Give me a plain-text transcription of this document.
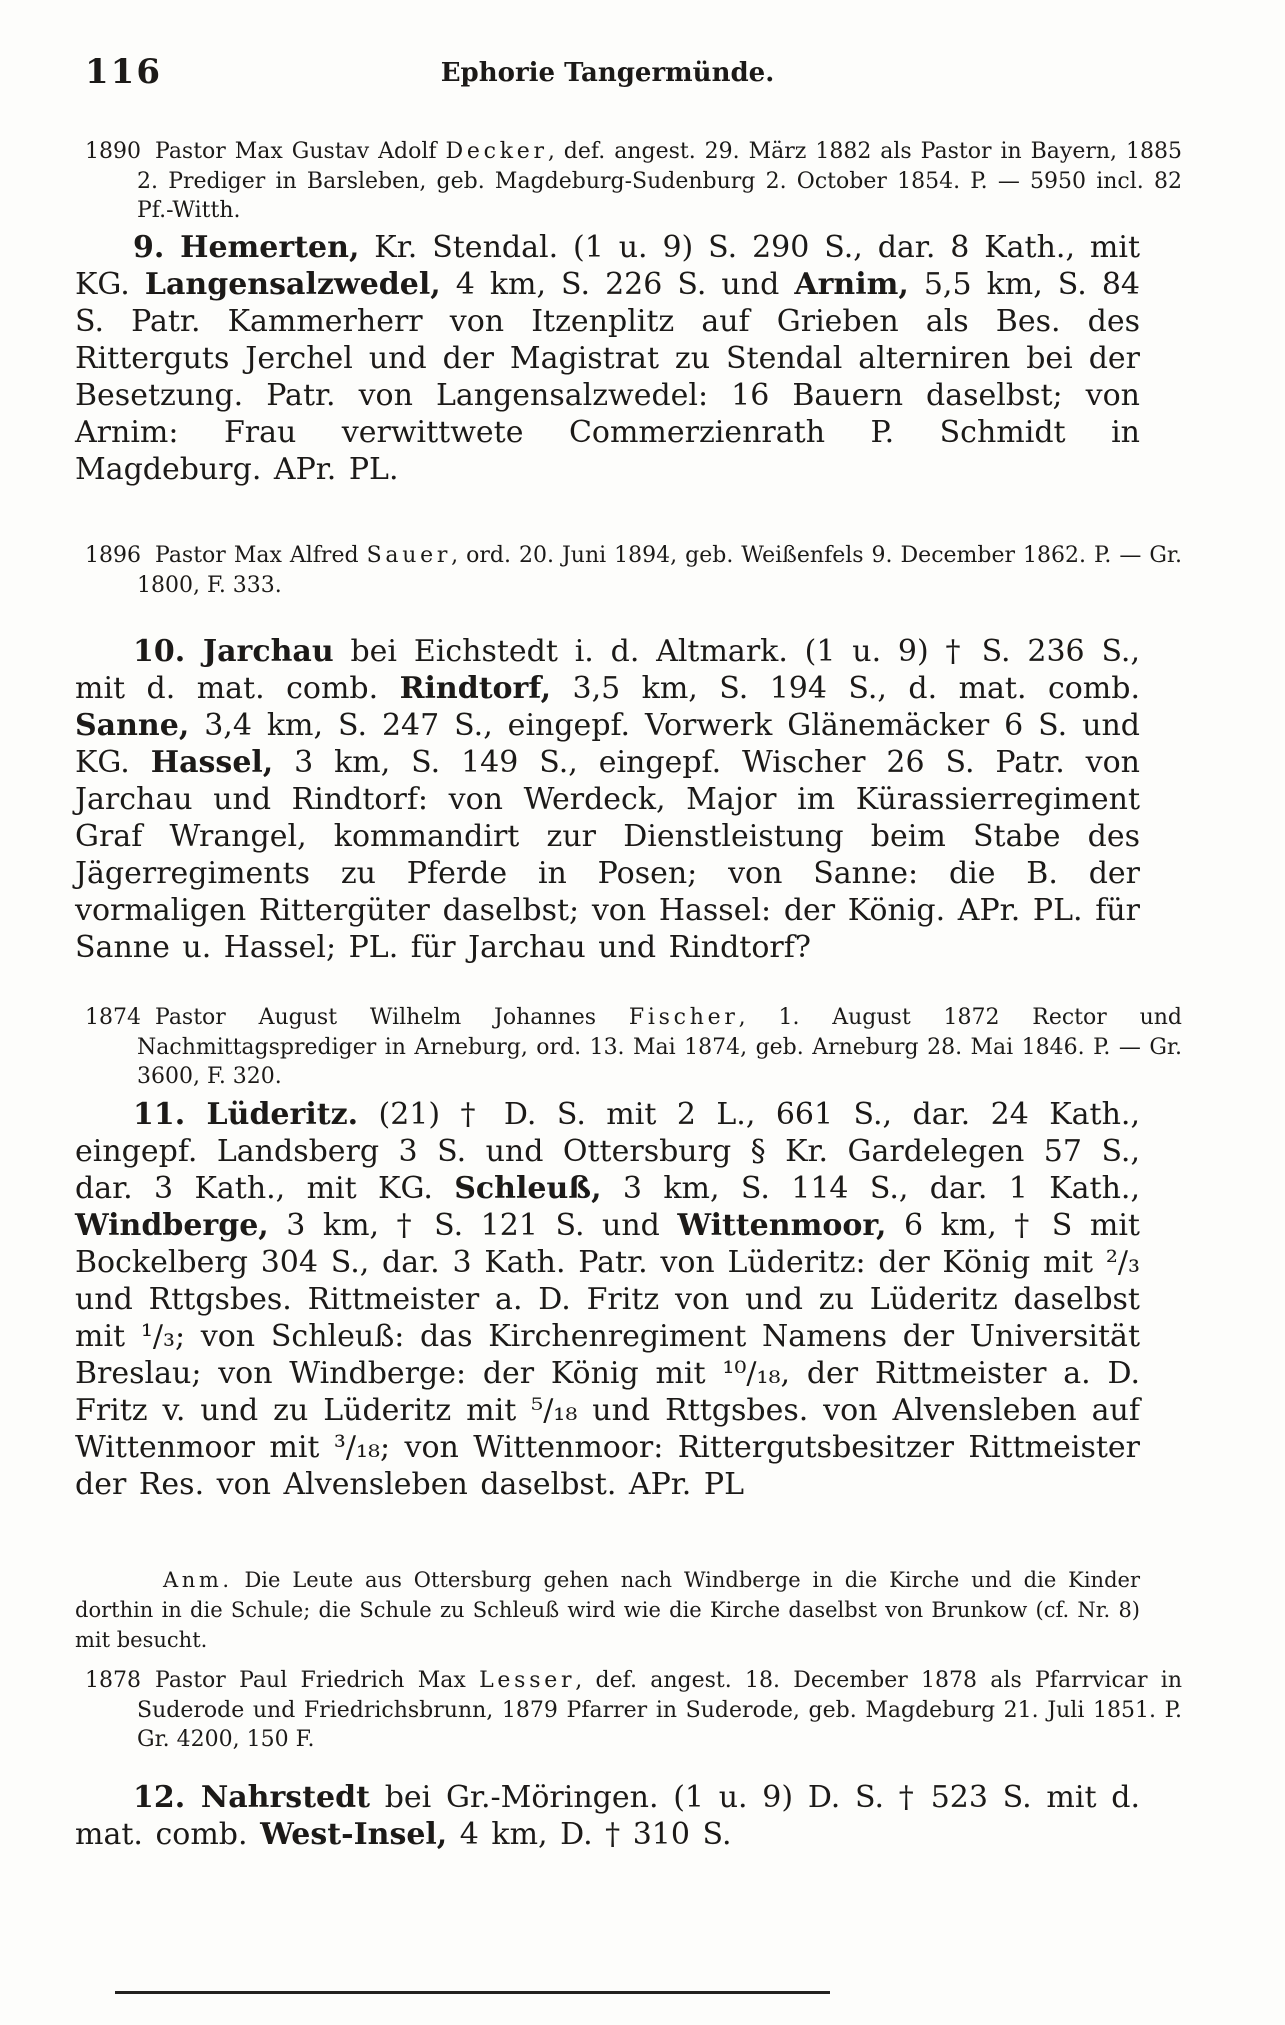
116	Ephorie Tangermünde.
1890 Pastor Max Gustav Adolf Decker, def. angest. 29. März 1882 als Pastor in Bayern, 1885 2. Prediger in Barsleben, geb. Magdeburg-Sudenburg 2. October 1854. P. — 5950 incl. 82 Pf.-Witth.
9. Hemerten, Kr. Stendal. (1 u. 9) S. 290 S., dar. 8 Kath., mit KG. Langensalzwedel, 4 km, S. 226 S. und Arnim, 5,5 km, S. 84 S. Patr. Kammerherr von Itzenplitz auf Grieben als Bes. des Ritterguts Jerchel und der Magistrat zu Stendal alterniren bei der Besetzung. Patr. von Langensalzwedel: 16 Bauern daselbst; von Arnim: Frau verwittwete Commerzienrath P. Schmidt in Magdeburg. APr. PL.
1896 Pastor Max Alfred Sauer, ord. 20. Juni 1894, geb. Weißenfels 9. December 1862. P. — Gr. 1800, F. 333.
10. Jarchau bei Eichstedt i. d. Altmark. (1 u. 9) † S. 236 S., mit d. mat. comb. Rindtorf, 3,5 km, S. 194 S., d. mat. comb. Sanne, 3,4 km, S. 247 S., eingepf. Vorwerk Glänemäcker 6 S. und KG. Hassel, 3 km, S. 149 S., eingepf. Wischer 26 S. Patr. von Jarchau und Rindtorf: von Werdeck, Major im Kürassierregiment Graf Wrangel, kommandirt zur Dienstleistung beim Stabe des Jägerregiments zu Pferde in Posen; von Sanne: die B. der vormaligen Rittergüter daselbst; von Hassel: der König. APr. PL. für Sanne u. Hassel; PL. für Jarchau und Rindtorf?
1874 Pastor August Wilhelm Johannes Fischer, 1. August 1872 Rector und Nachmittagsprediger in Arneburg, ord. 13. Mai 1874, geb. Arneburg 28. Mai 1846. P. — Gr. 3600, F. 320.
11. Lüderitz. (21) † D. S. mit 2 L., 661 S., dar. 24 Kath., eingepf. Landsberg 3 S. und Ottersburg § Kr. Gardelegen 57 S., dar. 3 Kath., mit KG. Schleuß, 3 km, S. 114 S., dar. 1 Kath., Windberge, 3 km, † S. 121 S. und Wittenmoor, 6 km, † S mit Bockelberg 304 S., dar. 3 Kath. Patr. von Lüderitz: der König mit ²/₃ und Rttgsbes. Rittmeister a. D. Fritz von und zu Lüderitz daselbst mit ¹/₃; von Schleuß: das Kirchenregiment Namens der Universität Breslau; von Windberge: der König mit ¹⁰/₁₈, der Rittmeister a. D. Fritz v. und zu Lüderitz mit ⁵/₁₈ und Rttgsbes. von Alvensleben auf Wittenmoor mit ³/₁₈; von Wittenmoor: Rittergutsbesitzer Rittmeister der Res. von Alvensleben daselbst. APr. PL
Anm. Die Leute aus Ottersburg gehen nach Windberge in die Kirche und die Kinder dorthin in die Schule; die Schule zu Schleuß wird wie die Kirche daselbst von Brunkow (cf. Nr. 8) mit besucht.
1878 Pastor Paul Friedrich Max Lesser, def. angest. 18. December 1878 als Pfarrvicar in Suderode und Friedrichsbrunn, 1879 Pfarrer in Suderode, geb. Magdeburg 21. Juli 1851. P. Gr. 4200, 150 F.
12. Nahrstedt bei Gr.-Möringen. (1 u. 9) D. S. † 523 S. mit d. mat. comb. West-Insel, 4 km, D. † 310 S.
